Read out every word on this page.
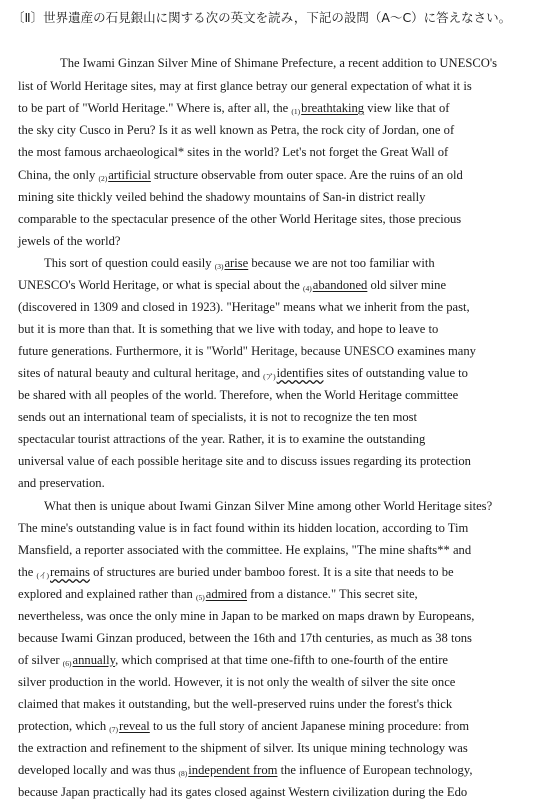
〔Ⅱ〕世界遺産の石見銀山に関する次の英文を読み，下記の設問（A～C）に答えなさい。
The Iwami Ginzan Silver Mine of Shimane Prefecture, a recent addition to UNESCO's
list of World Heritage sites, may at first glance betray our general expectation of what it is
to be part of "World Heritage." Where is, after all, the (1)breathtaking view like that of
the sky city Cusco in Peru? Is it as well known as Petra, the rock city of Jordan, one of
the most famous archaeological* sites in the world? Let's not forget the Great Wall of
China, the only (2)artificial structure observable from outer space. Are the ruins of an old
mining site thickly veiled behind the shadowy mountains of San-in district really
comparable to the spectacular presence of the other World Heritage sites, those precious
jewels of the world?
This sort of question could easily (3)arise because we are not too familiar with
UNESCO's World Heritage, or what is special about the (4)abandoned old silver mine
(discovered in 1309 and closed in 1923). "Heritage" means what we inherit from the past,
but it is more than that. It is something that we live with today, and hope to leave to
future generations. Furthermore, it is "World" Heritage, because UNESCO examines many
sites of natural beauty and cultural heritage, and (ア)identifies sites of outstanding value to
be shared with all peoples of the world. Therefore, when the World Heritage committee
sends out an international team of specialists, it is not to recognize the ten most
spectacular tourist attractions of the year. Rather, it is to examine the outstanding
universal value of each possible heritage site and to discuss issues regarding its protection
and preservation.
What then is unique about Iwami Ginzan Silver Mine among other World Heritage sites?
The mine's outstanding value is in fact found within its hidden location, according to Tim
Mansfield, a reporter associated with the committee. He explains, "The mine shafts** and
the (イ)remains of structures are buried under bamboo forest. It is a site that needs to be
explored and explained rather than (5)admired from a distance." This secret site,
nevertheless, was once the only mine in Japan to be marked on maps drawn by Europeans,
because Iwami Ginzan produced, between the 16th and 17th centuries, as much as 38 tons
of silver (6)annually, which comprised at that time one-fifth to one-fourth of the entire
silver production in the world. However, it is not only the wealth of silver the site once
claimed that makes it outstanding, but the well-preserved ruins under the forest's thick
protection, which (7)reveal to us the full story of ancient Japanese mining procedure: from
the extraction and refinement to the shipment of silver. Its unique mining technology was
developed locally and was thus (8)independent from the influence of European technology,
because Japan practically had its gates closed against Western civilization during the Edo
